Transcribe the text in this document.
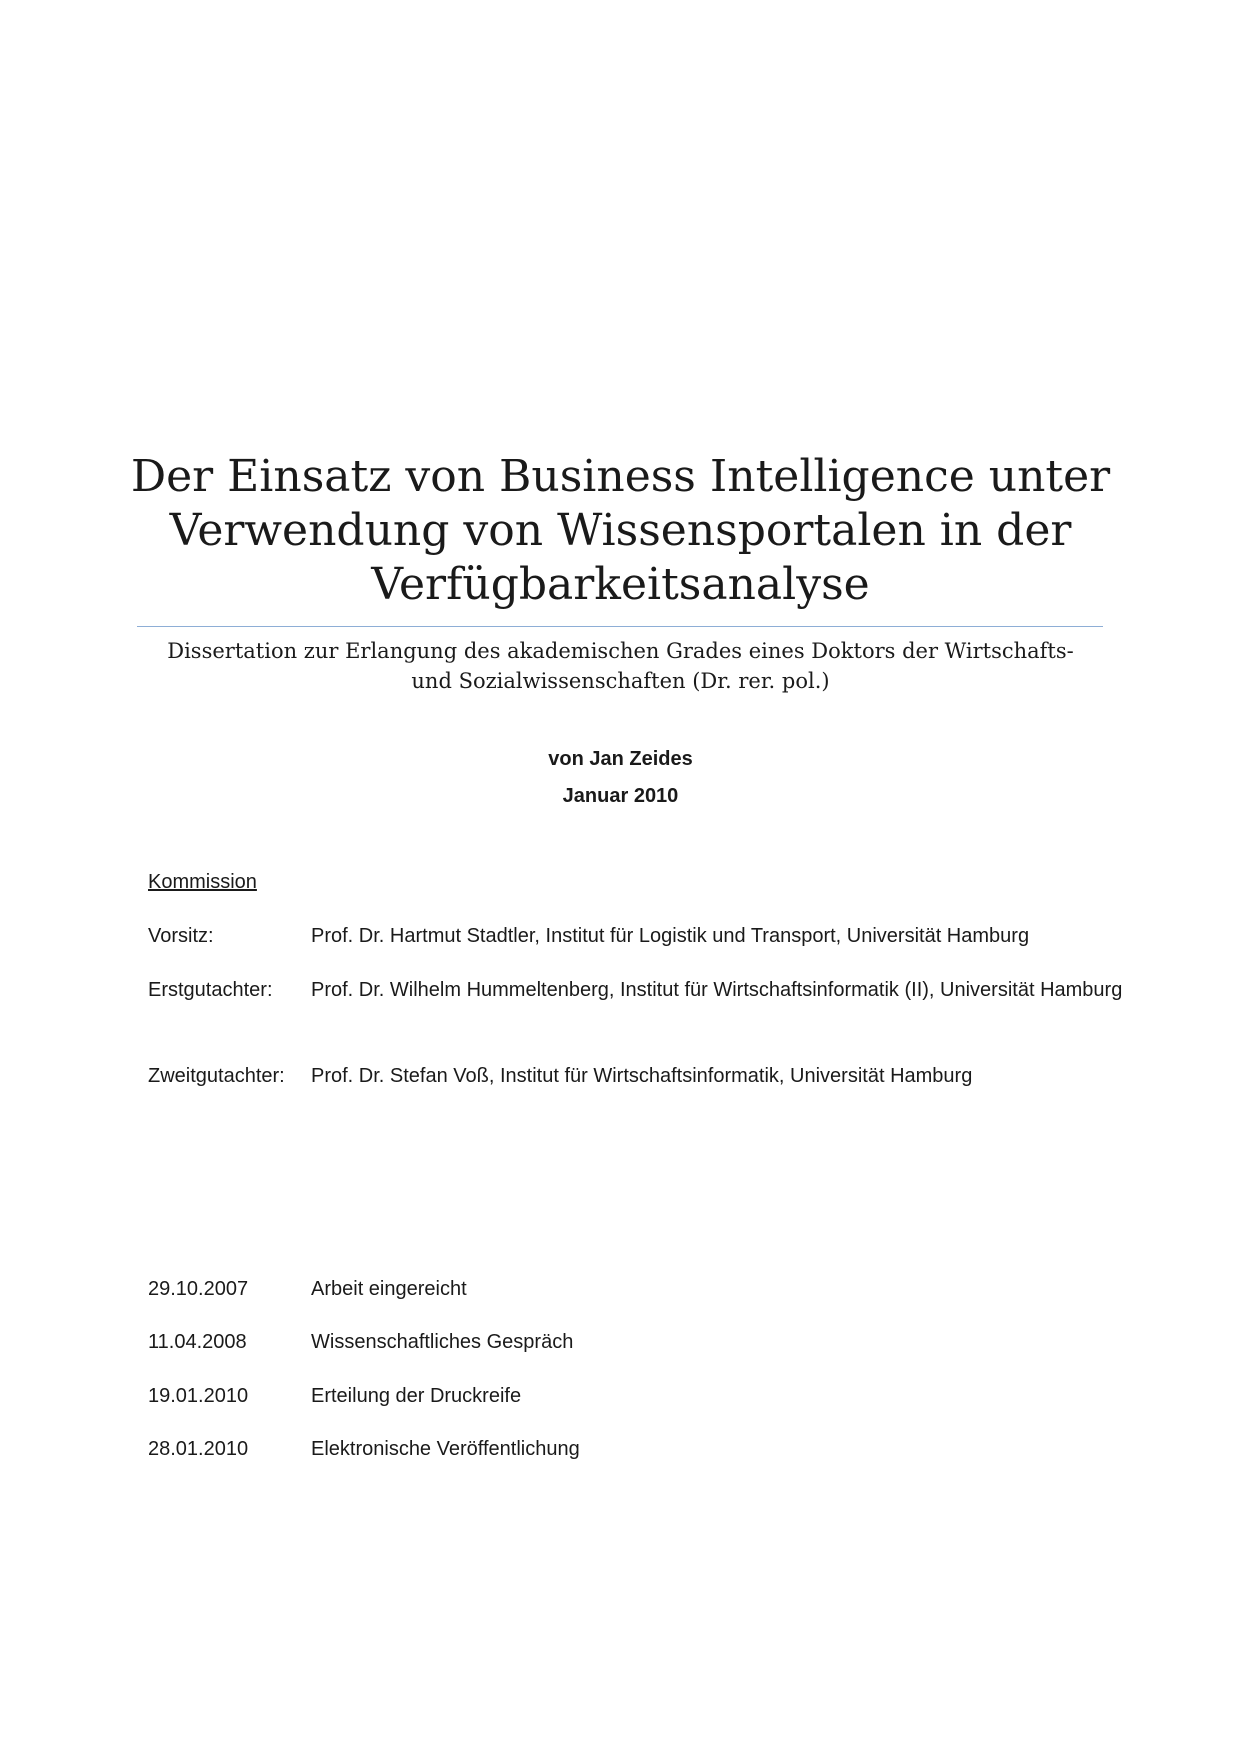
Der Einsatz von Business Intelligence unter
Verwendung von Wissensportalen in der
Verfügbarkeitsanalyse
Dissertation zur Erlangung des akademischen Grades eines Doktors der Wirtschafts-
und Sozialwissenschaften (Dr. rer. pol.)
von Jan Zeides
Januar 2010
Kommission
Vorsitz:	Prof. Dr. Hartmut Stadtler, Institut für Logistik und Transport, Universität Hamburg
Erstgutachter: Prof. Dr. Wilhelm Hummeltenberg, Institut für Wirtschaftsinformatik (II), Universität Hamburg
Zweitgutachter: Prof. Dr. Stefan Voß, Institut für Wirtschaftsinformatik, Universität Hamburg
29.10.2007	Arbeit eingereicht
11.04.2008	Wissenschaftliches Gespräch
19.01.2010	Erteilung der Druckreife
28.01.2010	Elektronische Veröffentlichung
